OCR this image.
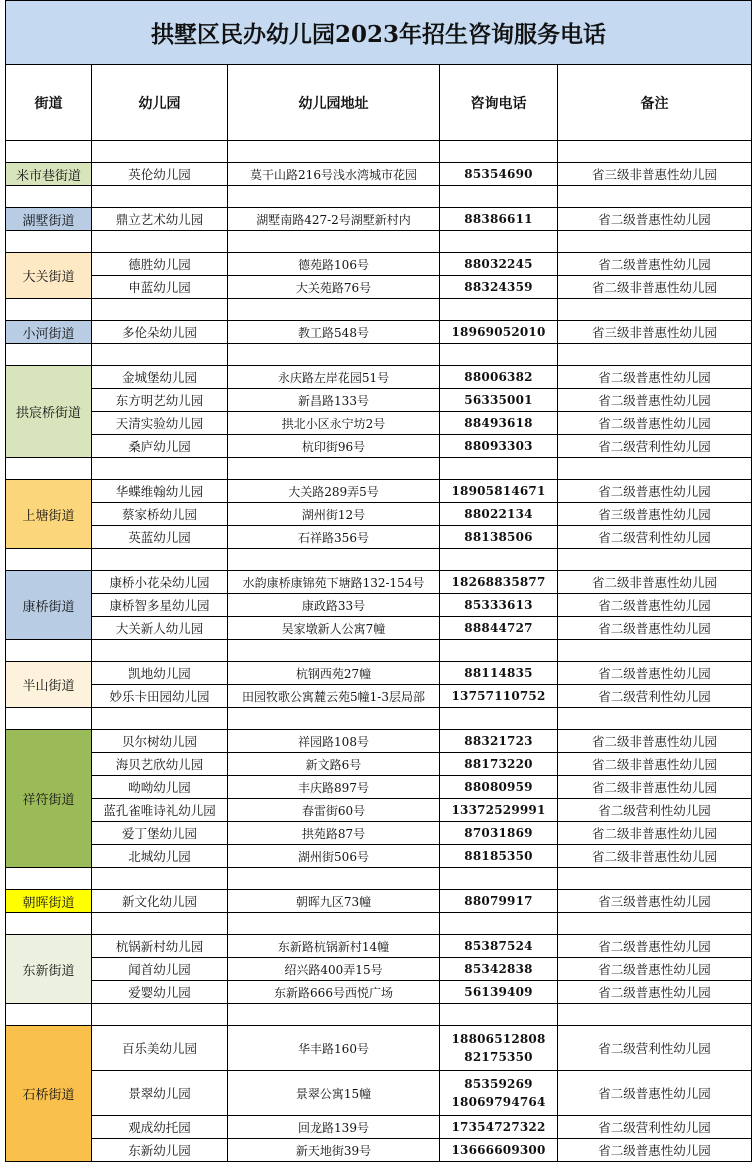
拱墅区民办幼儿园2023年招生咨询服务电话				
街道	幼儿园	幼儿园地址	咨询电话	备注

米市巷街道	英伦幼儿园	莫干山路216号浅水湾城市花园	85354690	省三级非普惠性幼儿园

湖墅街道	鼎立艺术幼儿园	湖墅南路427-2号湖墅新村内	88386611	省二级普惠性幼儿园

大关街道	德胜幼儿园	德苑路106号	88032245	省二级普惠性幼儿园
	申蓝幼儿园	大关苑路76号	88324359	省二级非普惠性幼儿园

小河街道	多伦朵幼儿园	教工路548号	18969052010	省三级非普惠性幼儿园

拱宸桥街道	金城堡幼儿园	永庆路左岸花园51号	88006382	省二级普惠性幼儿园
	东方明艺幼儿园	新昌路133号	56335001	省二级普惠性幼儿园
	天清实验幼儿园	拱北小区永宁坊2号	88493618	省二级普惠性幼儿园
	桑庐幼儿园	杭印街96号	88093303	省二级营利性幼儿园

上塘街道	华蝶维翰幼儿园	大关路289弄5号	18905814671	省二级普惠性幼儿园
	蔡家桥幼儿园	湖州街12号	88022134	省三级普惠性幼儿园
	英蓝幼儿园	石祥路356号	88138506	省二级营利性幼儿园

康桥街道	康桥小花朵幼儿园	水韵康桥康锦苑下塘路132-154号	18268835877	省二级非普惠性幼儿园
	康桥智多星幼儿园	康政路33号	85333613	省二级普惠性幼儿园
	大关新人幼儿园	吴家墩新人公寓7幢	88844727	省二级普惠性幼儿园

半山街道	凯地幼儿园	杭钢西苑27幢	88114835	省二级普惠性幼儿园
	妙乐卡田园幼儿园	田园牧歌公寓麓云苑5幢1-3层局部	13757110752	省二级营利性幼儿园

祥符街道	贝尔树幼儿园	祥园路108号	88321723	省二级非普惠性幼儿园
	海贝艺欣幼儿园	新文路6号	88173220	省二级非普惠性幼儿园
	呦呦幼儿园	丰庆路897号	88080959	省二级非普惠性幼儿园
	蓝孔雀唯诗礼幼儿园	春雷街60号	13372529991	省二级营利性幼儿园
	爱丁堡幼儿园	拱苑路87号	87031869	省二级非普惠性幼儿园
	北城幼儿园	湖州街506号	88185350	省二级非普惠性幼儿园

朝晖街道	新文化幼儿园	朝晖九区73幢	88079917	省三级普惠性幼儿园

东新街道	杭锅新村幼儿园	东新路杭锅新村14幢	85387524	省二级普惠性幼儿园
	闻首幼儿园	绍兴路400弄15号	85342838	省二级普惠性幼儿园
	爱婴幼儿园	东新路666号西悦广场	56139409	省二级普惠性幼儿园

石桥街道	百乐美幼儿园	华丰路160号	18806512808
82175350	省二级营利性幼儿园
	景翠幼儿园	景翠公寓15幢	85359269
18069794764	省二级普惠性幼儿园
	观成幼托园	回龙路139号	17354727322	省二级营利性幼儿园
	东新幼儿园	新天地街39号	13666609300	省二级普惠性幼儿园
